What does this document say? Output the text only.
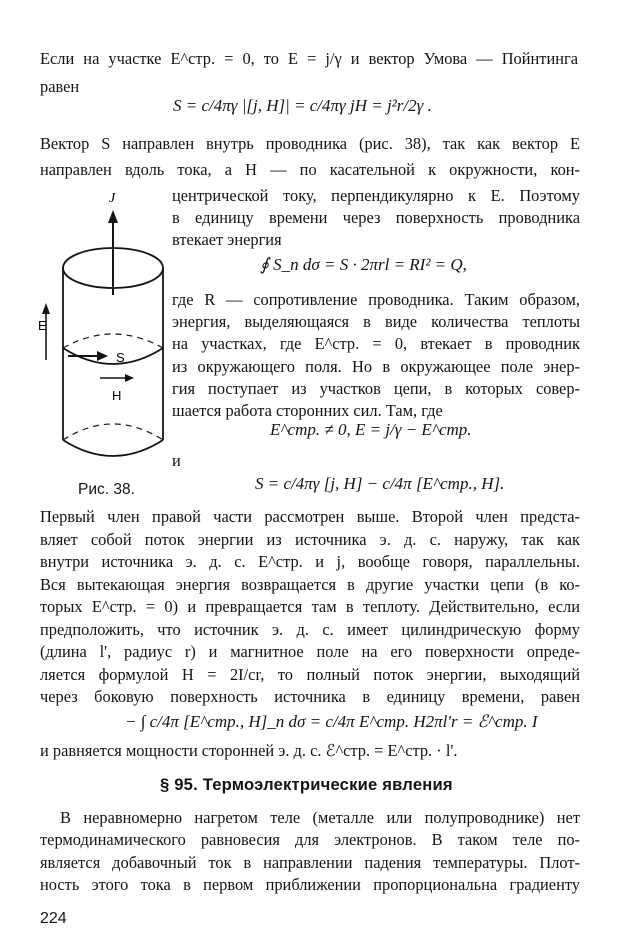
Если на участке E^стр. = 0, то E = j/γ и вектор Умова — Пойнтинга
равен
S = c/4πγ |[j, H]| = c/4πγ jH = j²r/2γ .
Вектор S направлен внутрь проводника (рис. 38), так как вектор E
направлен вдоль тока, а H — по касательной к окружности, кон-
центрической току, перпендикулярно к E. Поэтому
в единицу времени через поверхность проводника
втекает энергия
∮ S_n dσ = S · 2πrl = RI² = Q,
где R — сопротивление проводника. Таким образом,
энергия, выделяющаяся в виде количества теплоты
на участках, где E^стр. = 0, втекает в проводник
из окружающего поля. Но в окружающее поле энер-
гия поступает из участков цепи, в которых совер-
шается работа сторонних сил. Там, где
E^стр. ≠ 0, E = j/γ − E^стр.
и
S = c/4πγ [j, H] − c/4π [E^стр., H].
J
E
S
H
Рис. 38.
Первый член правой части рассмотрен выше. Второй член предста-
вляет собой поток энергии из источника э. д. с. наружу, так как
внутри источника э. д. с. E^стр. и j, вообще говоря, параллельны.
Вся вытекающая энергия возвращается в другие участки цепи (в ко-
торых E^стр. = 0) и превращается там в теплоту. Действительно, если
предположить, что источник э. д. с. имеет цилиндрическую форму
(длина l', радиус r) и магнитное поле на его поверхности опреде-
ляется формулой H = 2I/cr, то полный поток энергии, выходящий
через боковую поверхность источника в единицу времени, равен
− ∫ c/4π [E^стр., H]_n dσ = c/4π E^стр. H2πl'r = ℰ^стр. I
и равняется мощности сторонней э. д. с. ℰ^стр. = E^стр. · l'.
§ 95. Термоэлектрические явления
В неравномерно нагретом теле (металле или полупроводнике) нет
термодинамического равновесия для электронов. В таком теле по-
является добавочный ток в направлении падения температуры. Плот-
ность этого тока в первом приближении пропорциональна градиенту
224
